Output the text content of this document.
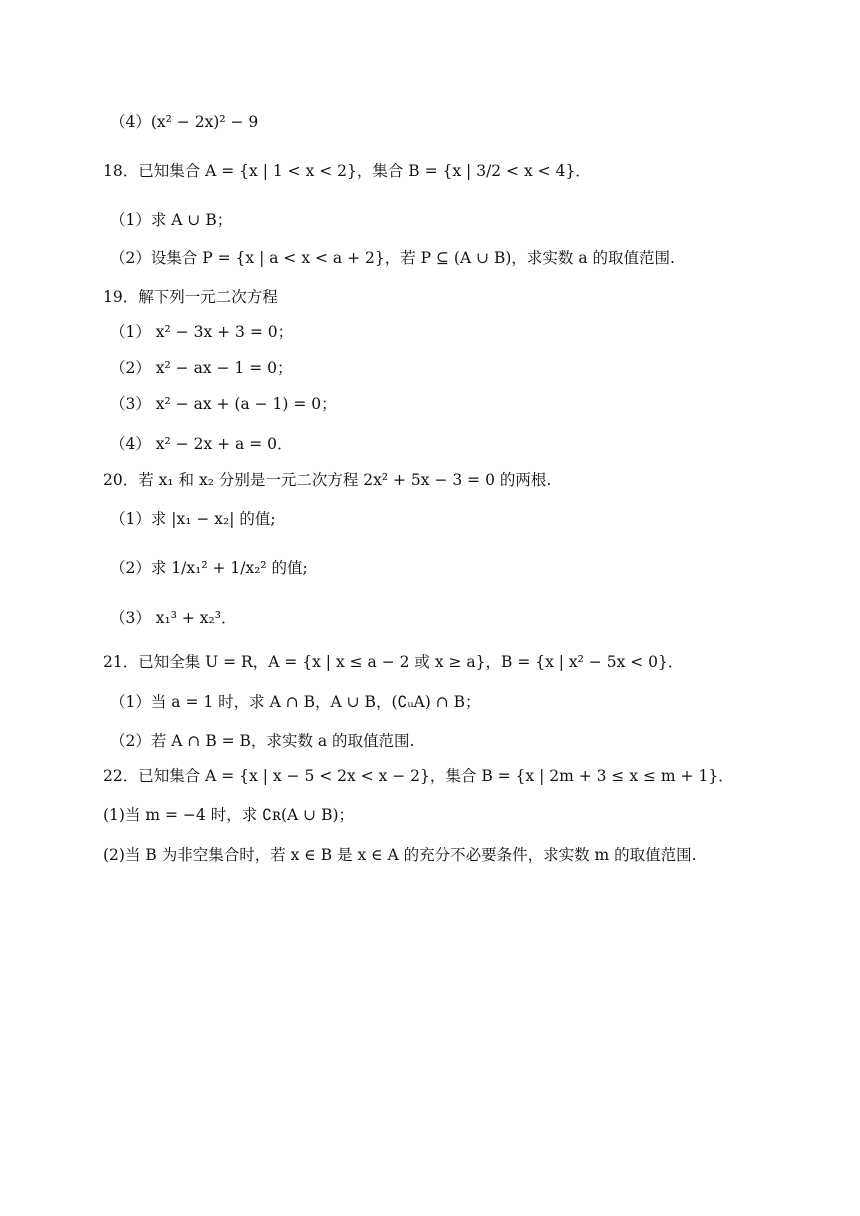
（4）(x² − 2x)² − 9
18．已知集合 A = {x | 1 < x < 2}，集合 B = {x | 3/2 < x < 4}．
（1）求 A ∪ B；
（2）设集合 P = {x | a < x < a + 2}，若 P ⊆ (A ∪ B)，求实数 a 的取值范围.
19．解下列一元二次方程
（1） x² − 3x + 3 = 0；
（2） x² − ax − 1 = 0；
（3） x² − ax + (a − 1) = 0；
（4） x² − 2x + a = 0．
20．若 x₁ 和 x₂ 分别是一元二次方程 2x² + 5x − 3 = 0 的两根.
（1）求 |x₁ − x₂| 的值;
（2）求 1/x₁² + 1/x₂² 的值;
（3） x₁³ + x₂³．
21．已知全集 U = R，A = {x | x ≤ a − 2 或 x ≥ a}，B = {x | x² − 5x < 0}．
（1）当 a = 1 时，求 A ∩ B，A ∪ B，(∁ᵤA) ∩ B；
（2）若 A ∩ B = B，求实数 a 的取值范围.
22．已知集合 A = {x | x − 5 < 2x < x − 2}，集合 B = {x | 2m + 3 ≤ x ≤ m + 1}．
(1)当 m = −4 时，求 ∁ʀ(A ∪ B)；
(2)当 B 为非空集合时，若 x ∈ B 是 x ∈ A 的充分不必要条件，求实数 m 的取值范围.
